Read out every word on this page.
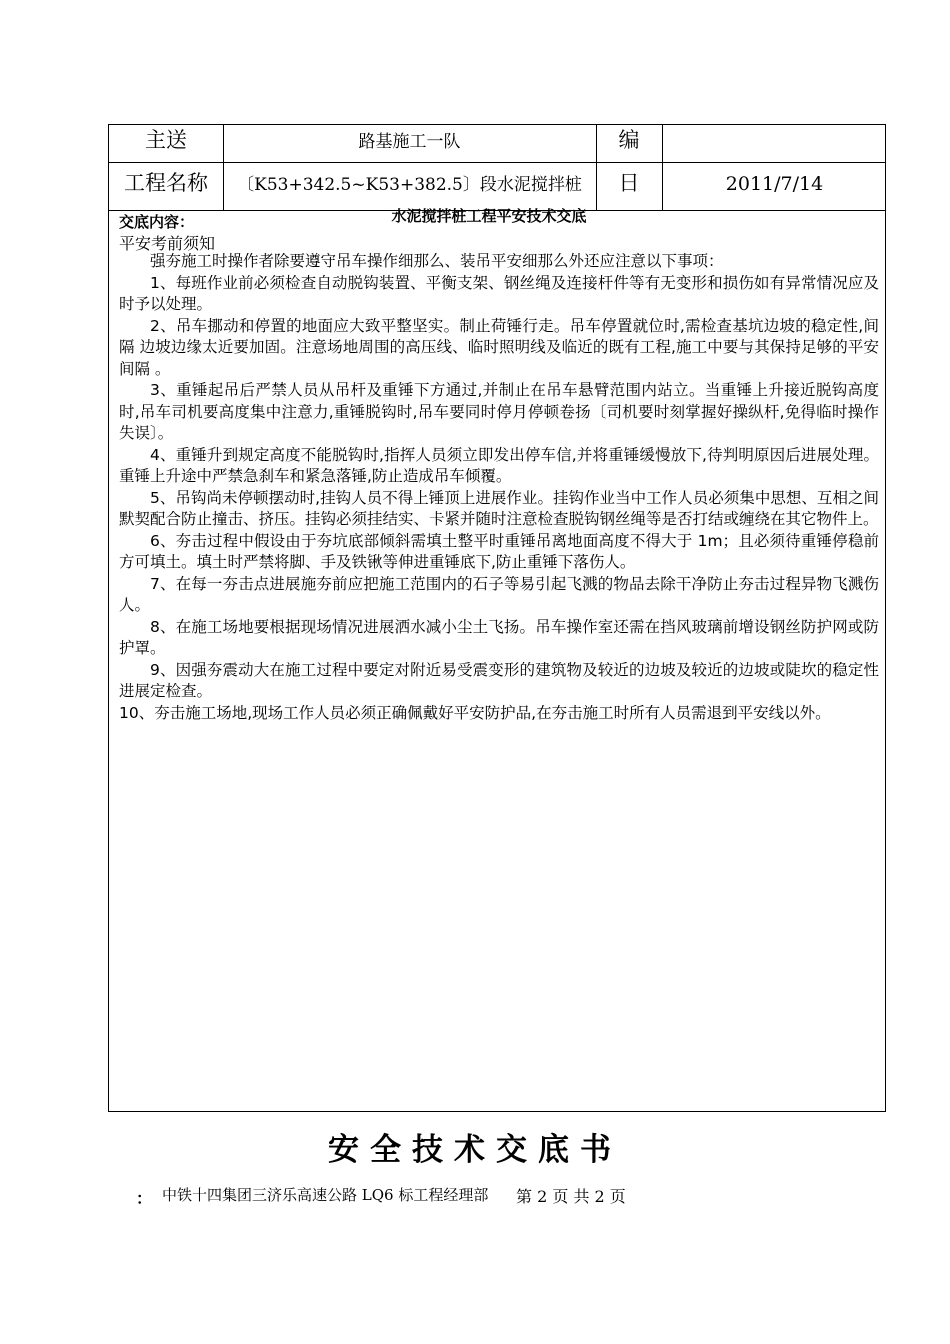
主送	路基施工一队	编
工程名称	〔K53+342.5~K53+382.5〕段水泥搅拌桩	日	2011/7/14
水泥搅拌桩工程平安技术交底
交底内容：
平安考前须知

强夯施工时操作者除要遵守吊车操作细那么、装吊平安细那么外还应注意以下事项：

1、每班作业前必须检查自动脱钩装置、平衡支架、钢丝绳及连接杆件等有无变形和损伤如有异常情况应及时予以处理。

2、吊车挪动和停置的地面应大致平整坚实。制止荷锤行走。吊车停置就位时,需检查基坑边坡的稳定性,间隔 边坡边缘太近要加固。注意场地周围的高压线、临时照明线及临近的既有工程,施工中要与其保持足够的平安间隔 。

3、重锤起吊后严禁人员从吊杆及重锤下方通过,并制止在吊车悬臂范围内站立。当重锤上升接近脱钩高度时,吊车司机要高度集中注意力,重锤脱钩时,吊车要同时停月停顿卷扬〔司机要时刻掌握好操纵杆,免得临时操作失误〕。

4、重锤升到规定高度不能脱钩时,指挥人员须立即发出停车信,并将重锤缓慢放下,待判明原因后进展处理。重锤上升途中严禁急刹车和紧急落锤,防止造成吊车倾覆。

5、吊钩尚未停顿摆动时,挂钩人员不得上锤顶上进展作业。挂钩作业当中工作人员必须集中思想、互相之间默契配合防止撞击、挤压。挂钩必须挂结实、卡紧并随时注意检查脱钩钢丝绳等是否打结或缠绕在其它物件上。

6、夯击过程中假设由于夯坑底部倾斜需填土整平时重锤吊离地面高度不得大于 1m；且必须待重锤停稳前方可填土。填土时严禁将脚、手及铁锹等伸进重锤底下,防止重锤下落伤人。

7、在每一夯击点进展施夯前应把施工范围内的石子等易引起飞溅的物品去除干净防止夯击过程异物飞溅伤人。

8、在施工场地要根据现场情况进展洒水减小尘土飞扬。吊车操作室还需在挡风玻璃前增设钢丝防护网或防护罩。

9、因强夯震动大在施工过程中要定对附近易受震变形的建筑物及较近的边坡及较近的边坡或陡坎的稳定性进展定检查。

10、夯击施工场地,现场工作人员必须正确佩戴好平安防护品,在夯击施工时所有人员需退到平安线以外。

安全技术交底书
： 中铁十四集团三济乐高速公路 LQ6 标工程经理部 第 2 页 共 2 页
